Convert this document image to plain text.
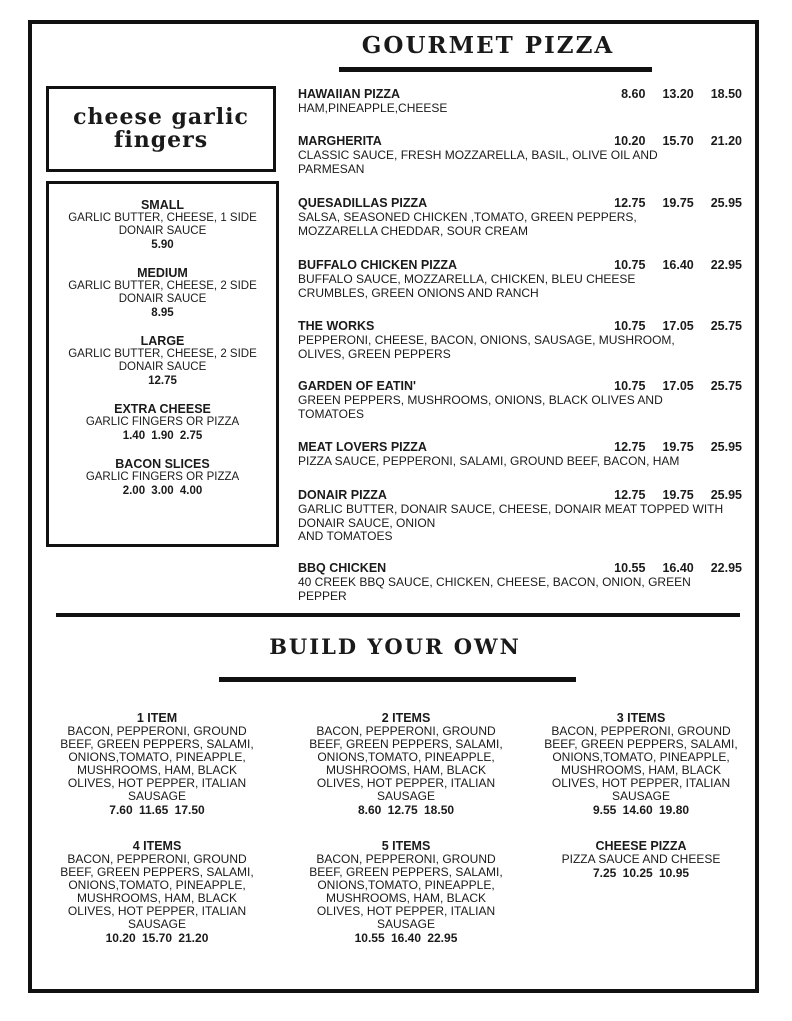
GOURMET PIZZA
cheese garlic fingers
SMALL
GARLIC BUTTER, CHEESE, 1 SIDE DONAIR SAUCE
5.90
MEDIUM
GARLIC BUTTER, CHEESE, 2 SIDE DONAIR SAUCE
8.95
LARGE
GARLIC BUTTER, CHEESE, 2 SIDE DONAIR SAUCE
12.75
EXTRA CHEESE
GARLIC FINGERS OR PIZZA
1.40 1.90 2.75
BACON SLICES
GARLIC FINGERS OR PIZZA
2.00 3.00 4.00
HAWAIIAN PIZZA	8.60 13.20 18.50
HAM,PINEAPPLE,CHEESE
MARGHERITA	10.20 15.70 21.20
CLASSIC SAUCE, FRESH MOZZARELLA, BASIL, OLIVE OIL AND PARMESAN
QUESADILLAS PIZZA	12.75 19.75 25.95
SALSA, SEASONED CHICKEN ,TOMATO, GREEN PEPPERS, MOZZARELLA CHEDDAR, SOUR CREAM
BUFFALO CHICKEN PIZZA	10.75 16.40 22.95
BUFFALO SAUCE, MOZZARELLA, CHICKEN, BLEU CHEESE CRUMBLES, GREEN ONIONS AND RANCH
THE WORKS	10.75 17.05 25.75
PEPPERONI, CHEESE, BACON, ONIONS, SAUSAGE, MUSHROOM, OLIVES, GREEN PEPPERS
GARDEN OF EATIN'	10.75 17.05 25.75
GREEN PEPPERS, MUSHROOMS, ONIONS, BLACK OLIVES AND TOMATOES
MEAT LOVERS PIZZA	12.75 19.75 25.95
PIZZA SAUCE, PEPPERONI, SALAMI, GROUND BEEF, BACON, HAM
DONAIR PIZZA	12.75 19.75 25.95
GARLIC BUTTER, DONAIR SAUCE, CHEESE, DONAIR MEAT TOPPED WITH DONAIR SAUCE, ONION
AND TOMATOES
BBQ CHICKEN	10.55 16.40 22.95
40 CREEK BBQ SAUCE, CHICKEN, CHEESE, BACON, ONION, GREEN PEPPER
BUILD YOUR OWN
1 ITEM
BACON, PEPPERONI, GROUND BEEF, GREEN PEPPERS, SALAMI, ONIONS,TOMATO, PINEAPPLE, MUSHROOMS, HAM, BLACK OLIVES, HOT PEPPER, ITALIAN SAUSAGE
7.60 11.65 17.50
2 ITEMS
BACON, PEPPERONI, GROUND BEEF, GREEN PEPPERS, SALAMI, ONIONS,TOMATO, PINEAPPLE, MUSHROOMS, HAM, BLACK OLIVES, HOT PEPPER, ITALIAN SAUSAGE
8.60 12.75 18.50
3 ITEMS
BACON, PEPPERONI, GROUND BEEF, GREEN PEPPERS, SALAMI, ONIONS,TOMATO, PINEAPPLE, MUSHROOMS, HAM, BLACK OLIVES, HOT PEPPER, ITALIAN SAUSAGE
9.55 14.60 19.80
4 ITEMS
BACON, PEPPERONI, GROUND BEEF, GREEN PEPPERS, SALAMI, ONIONS,TOMATO, PINEAPPLE, MUSHROOMS, HAM, BLACK OLIVES, HOT PEPPER, ITALIAN SAUSAGE
10.20 15.70 21.20
5 ITEMS
BACON, PEPPERONI, GROUND BEEF, GREEN PEPPERS, SALAMI, ONIONS,TOMATO, PINEAPPLE, MUSHROOMS, HAM, BLACK OLIVES, HOT PEPPER, ITALIAN SAUSAGE
10.55 16.40 22.95
CHEESE PIZZA
PIZZA SAUCE AND CHEESE
7.25 10.25 10.95
